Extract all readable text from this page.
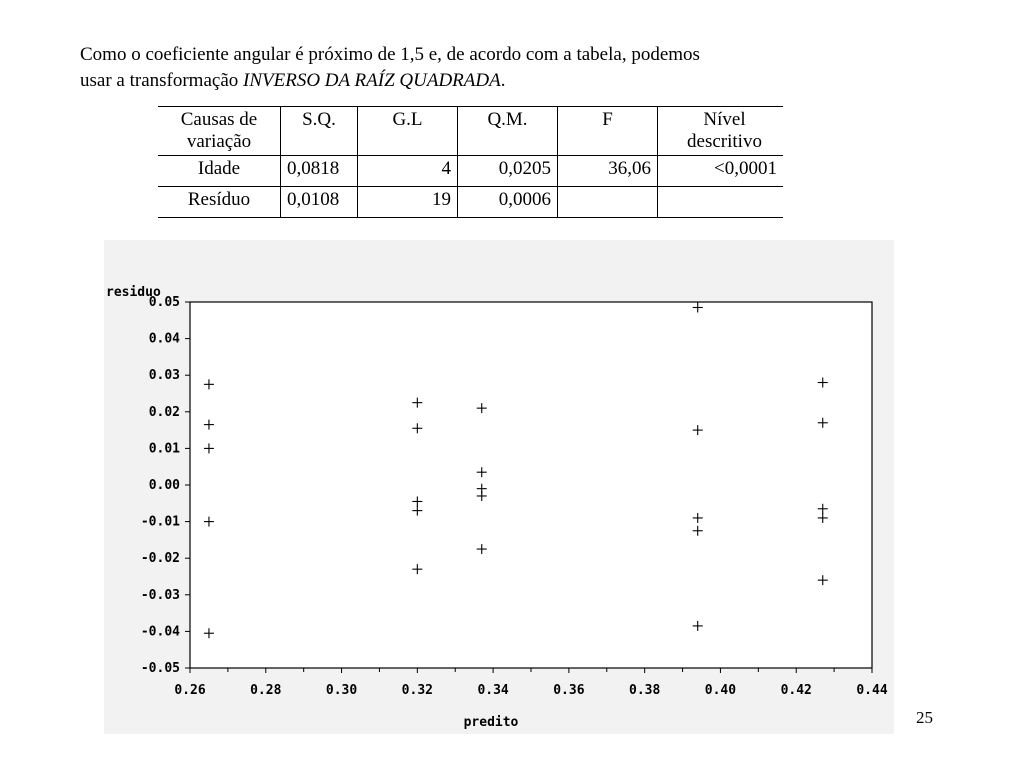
Como o coeficiente angular é próximo de 1,5 e, de acordo com a tabela, podemos
usar a transformação INVERSO DA RAÍZ QUADRADA.
Causas de
variação	S.Q.	G.L	Q.M.	F	Nível
descritivo
Idade	0,0818	4	0,0205	36,06	<0,0001
Resíduo	0,0108	19	0,0006		
-0.05
-0.04
-0.03
-0.02
-0.01
0.00
0.01
0.02
0.03
0.04
0.05
0.26	0.28	0.30	0.32	0.34	0.36	0.38	0.40	0.42	0.44
residuo
predito	25
